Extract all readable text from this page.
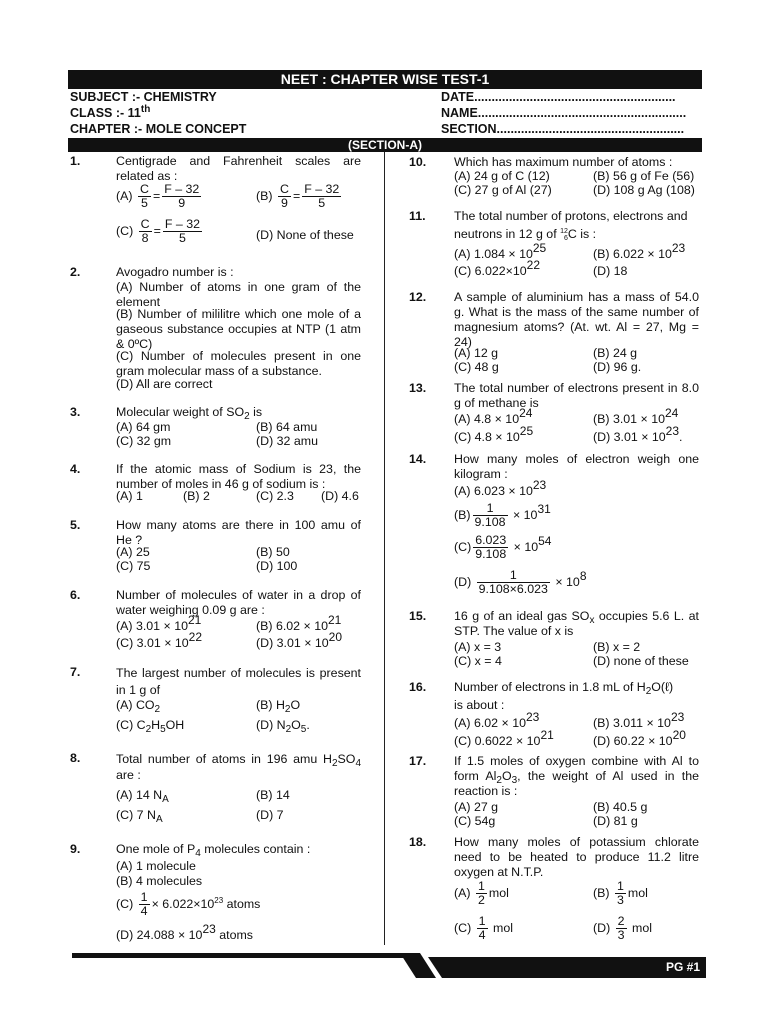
NEET : CHAPTER WISE TEST-1
SUBJECT :- CHEMISTRY
CLASS :- 11th
CHAPTER :- MOLE CONCEPT
DATE..........................................................
NAME............................................................
SECTION......................................................
(SECTION-A)
1.	Centigrade and Fahrenheit scales are related as :
$(A) \frac{C}{5} = \frac{F - 32}{9}$	$(B) \frac{C}{9} = \frac{F - 32}{5}$
$(C) \frac{C}{8} = \frac{F - 32}{5}$	(D) None of these
2.	Avogadro number is :
(A) Number of atoms in one gram of the element
(B) Number of mililitre which one mole of a gaseous substance occupies at NTP (1 atm & 0ºC)
(C) Number of molecules present in one gram molecular mass of a substance.
(D) All are correct
3.	Molecular weight of $SO_2$ is
(A) 64 gm	(B) 64 amu
(C) 32 gm	(D) 32 amu
4.	If the atomic mass of Sodium is 23, the number of moles in 46 g of sodium is :
(A) 1	(B) 2	(C) 2.3 (D) 4.6
5.	How many atoms are there in 100 amu of He ?
(A) 25	(B) 50
(C) 75	(D) 100
6.	Number of molecules of water in a drop of water weighing 0.09 g are :
(A) 3.01 × 1021	(B) 6.02 × 1021
(C) 3.01 × 1022	(D) 3.01 × 1020
7.	The largest number of molecules is present in 1 g of
(A) $CO_2$	(B) $H_2O$
(C) $C_2H_5OH$	(D) $N_2O_5$.
8.	Total number of atoms in 196 amu $H_2SO_4$ are :
(A) 14 $N_A$	(B) 14
(C) 7 $N_A$	(D) 7
9.	One mole of $P_4$ molecules contain :
(A) 1 molecule
(B) 4 molecules
$(C) \frac{1}{4} \times 6.022\times 10^{23}$ atoms
(D) 24.088 × 1023 atoms
10. Which has maximum number of atoms :
(A) 24 g of C (12)	(B) 56 g of Fe (56)
(C) 27 g of Al (27)	(D) 108 g Ag (108)
11. The total number of protons, electrons and
neutrons in 12 g of 12
6 C is :
(A) 1.084 × 1025	(B) 6.022 × 1023
(C) 6.022×1022	(D) 18
12. A sample of aluminium has a mass of 54.0 g. What is the mass of the same number of magnesium atoms? (At. wt. Al = 27, Mg = 24)
(A) 12 g	(B) 24 g
(C) 48 g	(D) 96 g.
13. The total number of electrons present in 8.0 g of methane is
(A) 4.8 × 1024	(B) 3.01 × 1024
(C) 4.8 × 1025	(D) 3.01 × 1023.
14. How many moles of electron weigh one kilogram :
(A) 6.023 × 1023
$(B) \frac{1}{9.108} \times 1031$
$(C) \frac{6.023}{9.108} \times 1054$
$(D) \frac{1}{9.108\times 6.023} \times 108$
15. 16 g of an ideal gas $SO_x$ occupies 5.6 L. at STP. The value of x is
(A) x = 3	(B) x = 2
(C) x = 4	(D) none of these
16. Number of electrons in 1.8 mL of $H_2O(\ell)$
is about :
(A) 6.02 × 1023	(B) 3.011 × 1023
(C) 0.6022 × 1021	(D) 60.22 × 1020
17. If 1.5 moles of oxygen combine with Al to form $Al_2O_3$, the weight of Al used in the reaction is :
(A) 27 g	(B) 40.5 g
(C) 54g	(D) 81 g
18. How many moles of potassium chlorate need to be heated to produce 11.2 litre oxygen at N.T.P.
$(A) \frac{1}{2}$ mol	$(B) \frac{1}{3}$ mol
$(C) \frac{1}{4}$ mol	$(D) \frac{2}{3}$ mol
PG #1
